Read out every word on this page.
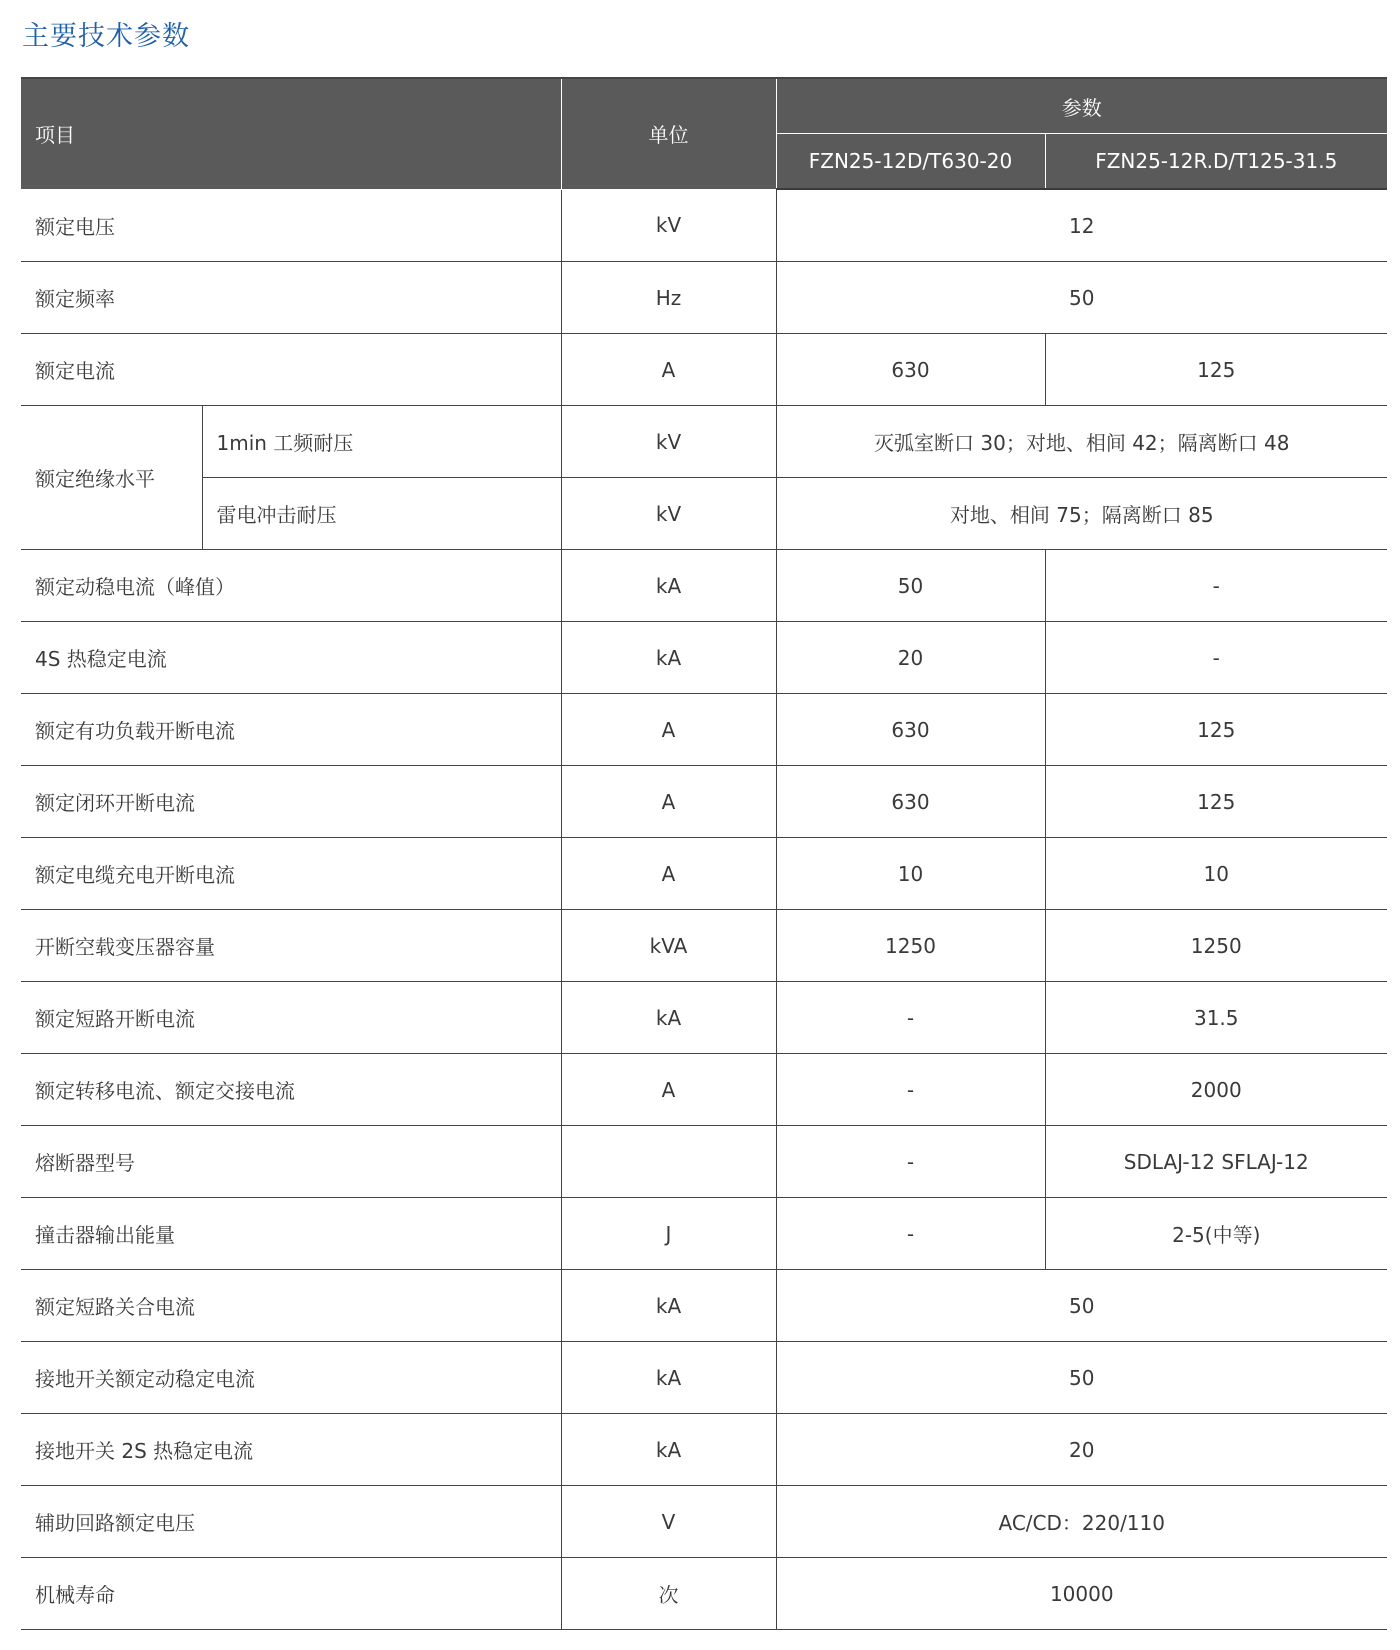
主要技术参数
项目		单位	参数	
			FZN25-12D/T630-20	FZN25-12R.D/T125-31.5
额定电压		kV	12	
额定频率		Hz	50	
额定电流		A	630	125
额定绝缘水平	1min 工频耐压	kV	灭弧室断口 30；对地、相间 42；隔离断口 48	
	雷电冲击耐压	kV	对地、相间 75；隔离断口 85	
额定动稳电流（峰值）		kA	50	-
4S 热稳定电流		kA	20	-
额定有功负载开断电流		A	630	125
额定闭环开断电流		A	630	125
额定电缆充电开断电流		A	10	10
开断空载变压器容量		kVA	1250	1250
额定短路开断电流		kA	-	31.5
额定转移电流、额定交接电流		A	-	2000
熔断器型号			-	SDLAJ-12 SFLAJ-12
撞击器输出能量		J	-	2-5(中等)
额定短路关合电流		kA	50	
接地开关额定动稳定电流		kA	50	
接地开关 2S 热稳定电流		kA	20	
辅助回路额定电压		V	AC/CD：220/110	
机械寿命		次	10000	
